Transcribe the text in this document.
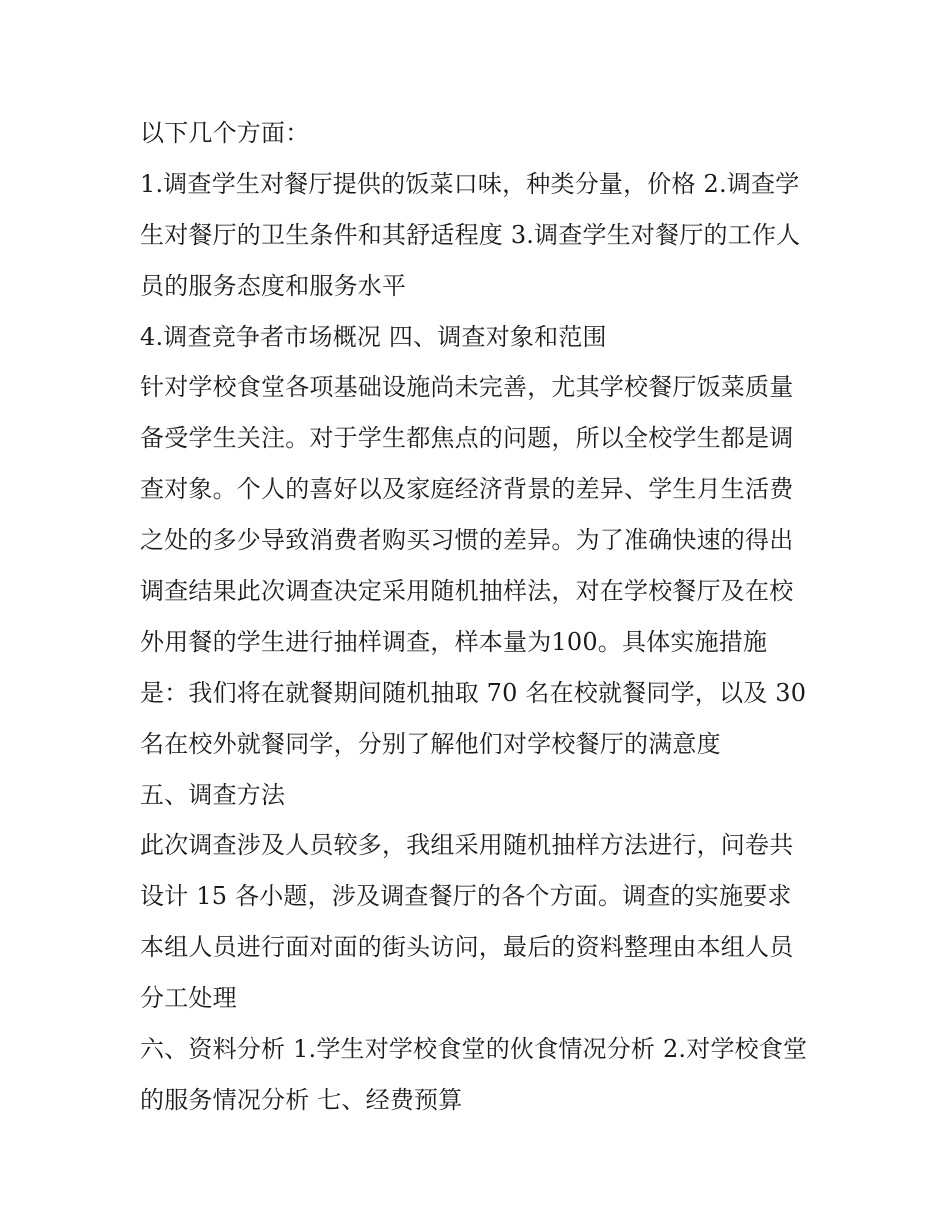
以下几个方面：
1.调查学生对餐厅提供的饭菜口味，种类分量，价格 2.调查学
生对餐厅的卫生条件和其舒适程度 3.调查学生对餐厅的工作人
员的服务态度和服务水平
4.调查竞争者市场概况 四、调查对象和范围
针对学校食堂各项基础设施尚未完善，尤其学校餐厅饭菜质量
备受学生关注。对于学生都焦点的问题，所以全校学生都是调
查对象。个人的喜好以及家庭经济背景的差异、学生月生活费
之处的多少导致消费者购买习惯的差异。为了准确快速的得出
调查结果此次调查决定采用随机抽样法，对在学校餐厅及在校
外用餐的学生进行抽样调查，样本量为100。具体实施措施
是：我们将在就餐期间随机抽取 70 名在校就餐同学，以及 30
名在校外就餐同学，分别了解他们对学校餐厅的满意度
五、调查方法
此次调查涉及人员较多，我组采用随机抽样方法进行，问卷共
设计 15 各小题，涉及调查餐厅的各个方面。调查的实施要求
本组人员进行面对面的街头访问，最后的资料整理由本组人员
分工处理
六、资料分析 1.学生对学校食堂的伙食情况分析 2.对学校食堂
的服务情况分析 七、经费预算
